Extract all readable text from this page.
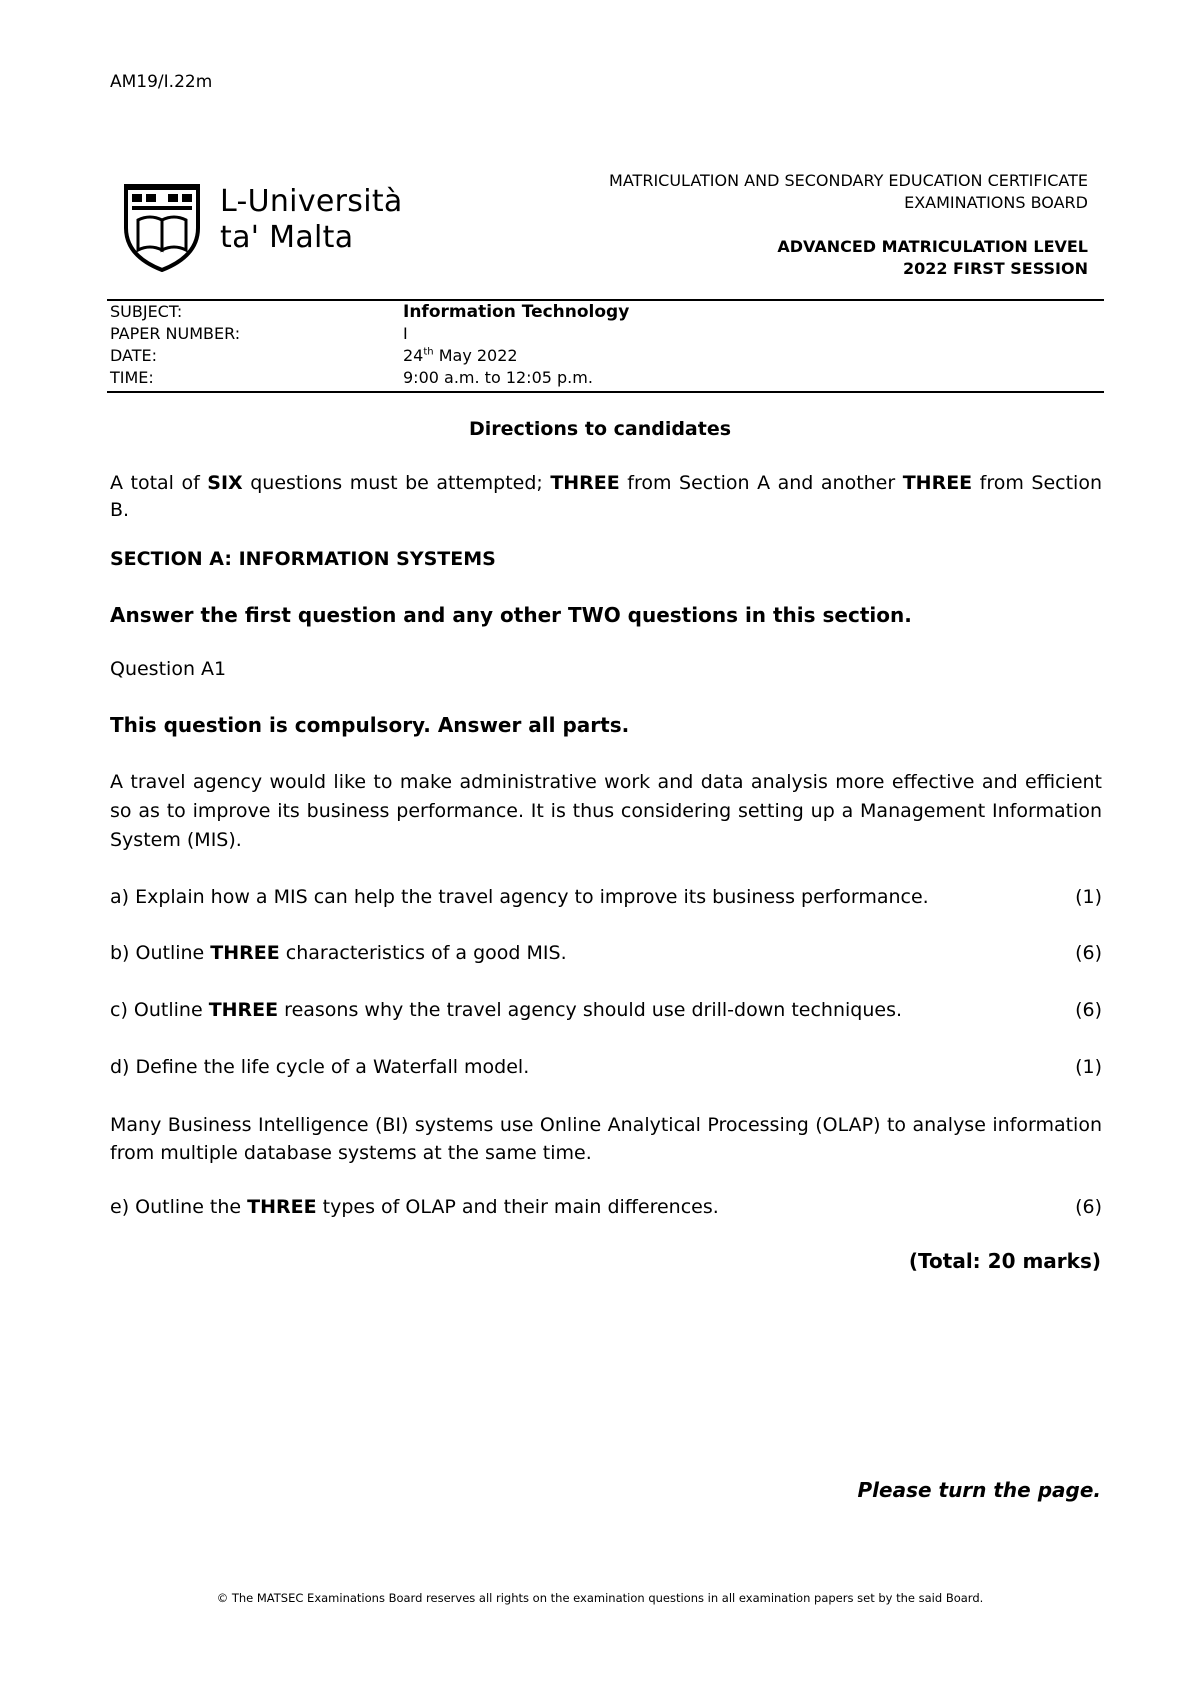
AM19/I.22m
L-Università
ta' Malta
MATRICULATION AND SECONDARY EDUCATION CERTIFICATE
EXAMINATIONS BOARD
ADVANCED MATRICULATION LEVEL
2022 FIRST SESSION
SUBJECT:	Information Technology
PAPER NUMBER:	I
DATE:	24th May 2022
TIME:	9:00 a.m. to 12:05 p.m.
Directions to candidates
A total of SIX questions must be attempted; THREE from Section A and another THREE from Section B.
SECTION A: INFORMATION SYSTEMS
Answer the first question and any other TWO questions in this section.
Question A1
This question is compulsory. Answer all parts.
A travel agency would like to make administrative work and data analysis more effective and efficient so as to improve its business performance. It is thus considering setting up a Management Information System (MIS).
a) Explain how a MIS can help the travel agency to improve its business performance.	(1)
b) Outline THREE characteristics of a good MIS.	(6)
c) Outline THREE reasons why the travel agency should use drill-down techniques.	(6)
d) Define the life cycle of a Waterfall model.	(1)
Many Business Intelligence (BI) systems use Online Analytical Processing (OLAP) to analyse information from multiple database systems at the same time.
e) Outline the THREE types of OLAP and their main differences.	(6)
(Total: 20 marks)
Please turn the page.
© The MATSEC Examinations Board reserves all rights on the examination questions in all examination papers set by the said Board.
